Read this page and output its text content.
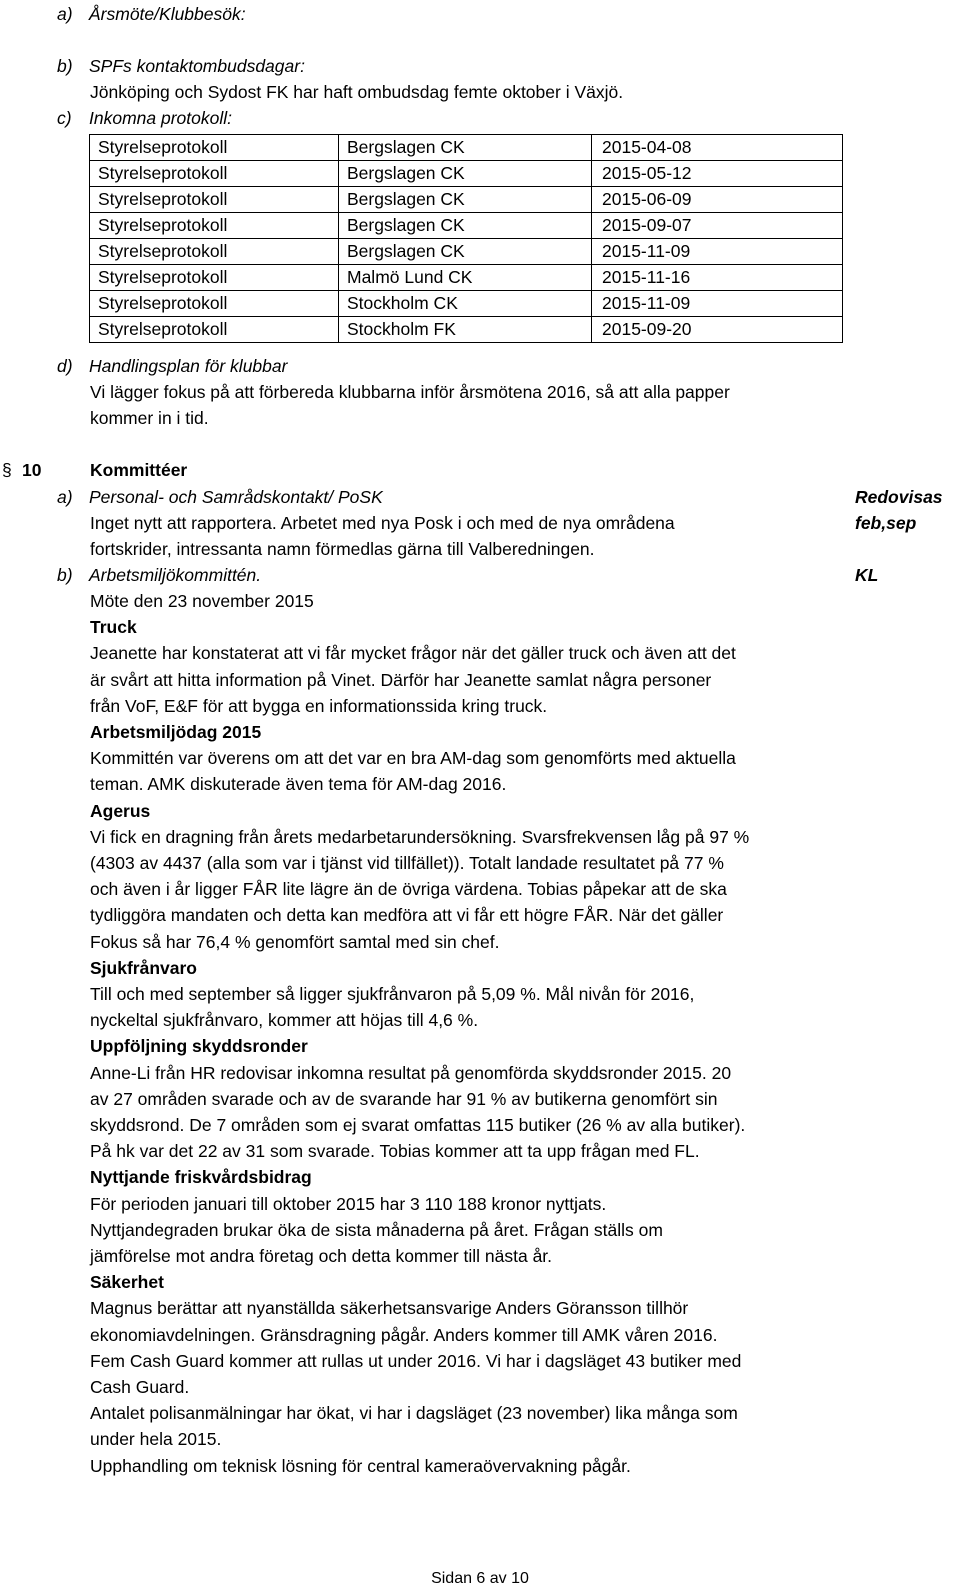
a) Årsmöte/Klubbesök:
b) SPFs kontaktombudsdagar:
Jönköping och Sydost FK har haft ombudsdag femte oktober i Växjö.
c) Inkomna protokoll:
Styrelseprotokoll	Bergslagen CK	2015-04-08
Styrelseprotokoll	Bergslagen CK	2015-05-12
Styrelseprotokoll	Bergslagen CK	2015-06-09
Styrelseprotokoll	Bergslagen CK	2015-09-07
Styrelseprotokoll	Bergslagen CK	2015-11-09
Styrelseprotokoll	Malmö Lund CK	2015-11-16
Styrelseprotokoll	Stockholm CK	2015-11-09
Styrelseprotokoll	Stockholm FK	2015-09-20
d) Handlingsplan för klubbar
Vi lägger fokus på att förbereda klubbarna inför årsmötena 2016, så att alla papper
kommer in i tid.
§ 10	Kommittéer
a) Personal- och Samrådskontakt/ PoSK	Redovisas
feb,sep
Inget nytt att rapportera. Arbetet med nya Posk i och med de nya områdena
fortskrider, intressanta namn förmedlas gärna till Valberedningen.
b) Arbetsmiljökommittén.	KL
Möte den 23 november 2015
Truck
Jeanette har konstaterat att vi får mycket frågor när det gäller truck och även att det
är svårt att hitta information på Vinet. Därför har Jeanette samlat några personer
från VoF, E&F för att bygga en informationssida kring truck.
Arbetsmiljödag 2015
Kommittén var överens om att det var en bra AM-dag som genomförts med aktuella
teman. AMK diskuterade även tema för AM-dag 2016.
Agerus
Vi fick en dragning från årets medarbetarundersökning. Svarsfrekvensen låg på 97 %
(4303 av 4437 (alla som var i tjänst vid tillfället)). Totalt landade resultatet på 77 %
och även i år ligger FÅR lite lägre än de övriga värdena. Tobias påpekar att de ska
tydliggöra mandaten och detta kan medföra att vi får ett högre FÅR. När det gäller
Fokus så har 76,4 % genomfört samtal med sin chef.
Sjukfrånvaro
Till och med september så ligger sjukfrånvaron på 5,09 %. Mål nivån för 2016,
nyckeltal sjukfrånvaro, kommer att höjas till 4,6 %.
Uppföljning skyddsronder
Anne-Li från HR redovisar inkomna resultat på genomförda skyddsronder 2015. 20
av 27 områden svarade och av de svarande har 91 % av butikerna genomfört sin
skyddsrond. De 7 områden som ej svarat omfattas 115 butiker (26 % av alla butiker).
På hk var det 22 av 31 som svarade. Tobias kommer att ta upp frågan med FL.
Nyttjande friskvårdsbidrag
För perioden januari till oktober 2015 har 3 110 188 kronor nyttjats.
Nyttjandegraden brukar öka de sista månaderna på året. Frågan ställs om
jämförelse mot andra företag och detta kommer till nästa år.
Säkerhet
Magnus berättar att nyanställda säkerhetsansvarige Anders Göransson tillhör
ekonomiavdelningen. Gränsdragning pågår. Anders kommer till AMK våren 2016.
Fem Cash Guard kommer att rullas ut under 2016. Vi har i dagsläget 43 butiker med
Cash Guard.
Antalet polisanmälningar har ökat, vi har i dagsläget (23 november) lika många som
under hela 2015.
Upphandling om teknisk lösning för central kameraövervakning pågår.
Sidan 6 av 10
